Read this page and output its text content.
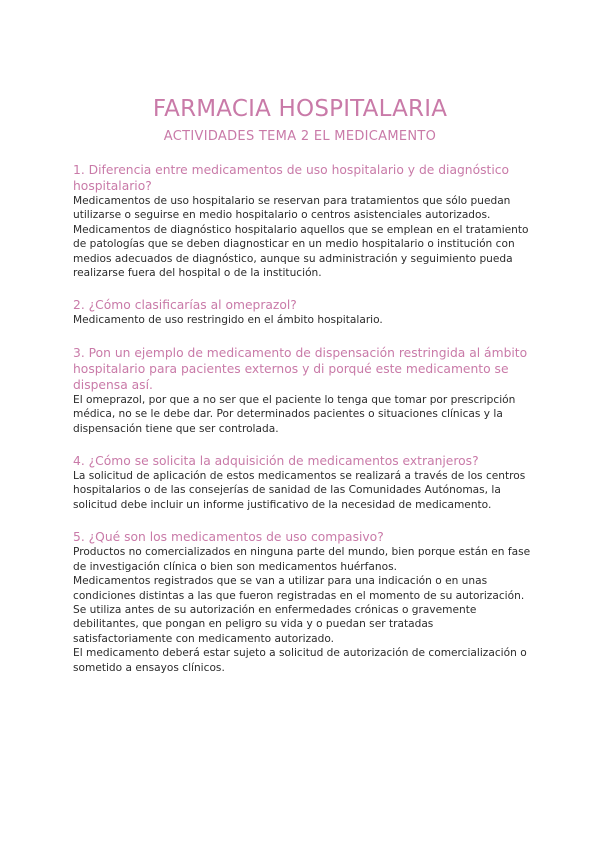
FARMACIA HOSPITALARIA
ACTIVIDADES TEMA 2 EL MEDICAMENTO

1. Diferencia entre medicamentos de uso hospitalario y de diagnóstico hospitalario?

Medicamentos de uso hospitalario se reservan para tratamientos que sólo puedan utilizarse o seguirse en medio hospitalario o centros asistenciales autorizados.

Medicamentos de diagnóstico hospitalario aquellos que se emplean en el tratamiento de patologías que se deben diagnosticar en un medio hospitalario o institución con medios adecuados de diagnóstico, aunque su administración y seguimiento pueda realizarse fuera del hospital o de la institución.

2. ¿Cómo clasificarías al omeprazol?

Medicamento de uso restringido en el ámbito hospitalario.

3. Pon un ejemplo de medicamento de dispensación restringida al ámbito hospitalario para pacientes externos y di porqué este medicamento se dispensa así.

El omeprazol, por que a no ser que el paciente lo tenga que tomar por prescripción médica, no se le debe dar. Por determinados pacientes o situaciones clínicas y la dispensación tiene que ser controlada.

4. ¿Cómo se solicita la adquisición de medicamentos extranjeros?

La solicitud de aplicación de estos medicamentos se realizará a través de los centros hospitalarios o de las consejerías de sanidad de las Comunidades Autónomas, la solicitud debe incluir un informe justificativo de la necesidad de medicamento.

5. ¿Qué son los medicamentos de uso compasivo?

Productos no comercializados en ninguna parte del mundo, bien porque están en fase de investigación clínica o bien son medicamentos huérfanos.

Medicamentos registrados que se van a utilizar para una indicación o en unas condiciones distintas a las que fueron registradas en el momento de su autorización. Se utiliza antes de su autorización en enfermedades crónicas o gravemente debilitantes, que pongan en peligro su vida y o puedan ser tratadas satisfactoriamente con medicamento autorizado.

El medicamento deberá estar sujeto a solicitud de autorización de comercialización o sometido a ensayos clínicos.
